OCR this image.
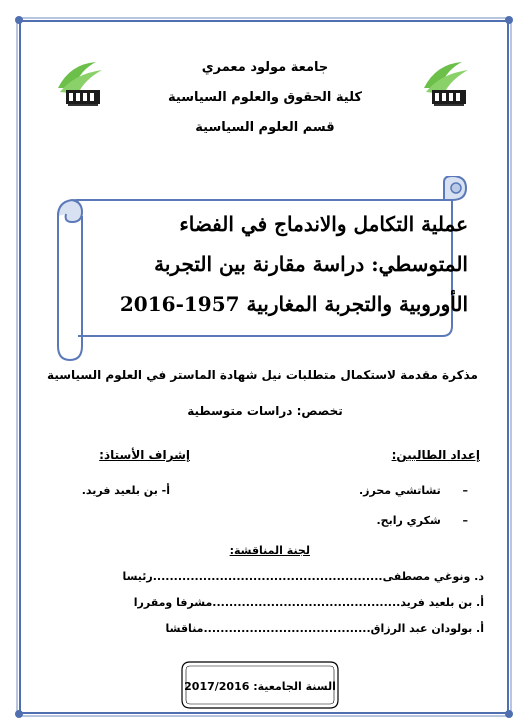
جامعة مولود معمري
كلية الحقوق والعلوم السياسية
قسم العلوم السياسية
عملية التكامل والاندماج في الفضاء
المتوسطي: دراسة مقارنة بين التجربة
الأوروبية والتجربة المغاربية 1957-2016
مذكرة مقدمة لاستكمال متطلبات نيل شهادة الماستر في العلوم السياسية
تخصص: دراسات متوسطية
إعداد الطالبين:
إشراف الأستاذ:
–  تشاتشي محرز.
–  شكري رابح.
أ- بن بلعيد فريد.
لجنة المناقشة:
د. ونوغي مصطفى.......................................................رئيسا
أ. بن بلعيد فريد.............................................مشرفا ومقررا
أ. بولودان عبد الرزاق........................................مناقشا
السنة الجامعية: 2017/2016
